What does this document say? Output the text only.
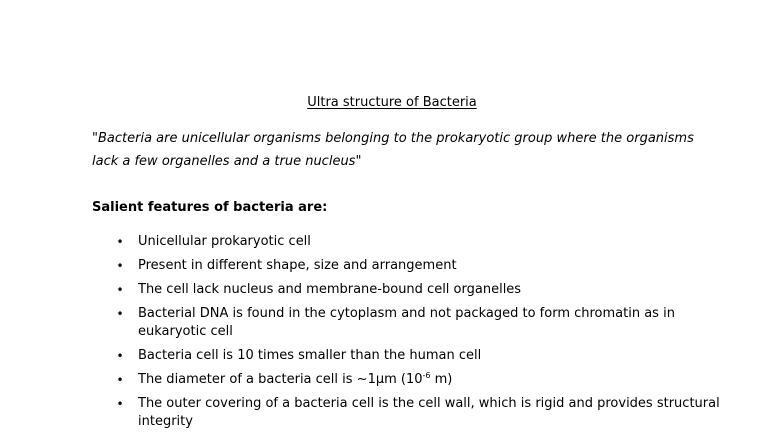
Ultra structure of Bacteria
"Bacteria are unicellular organisms belonging to the prokaryotic group where the organisms
lack a few organelles and a true nucleus"
Salient features of bacteria are:
• Unicellular prokaryotic cell
• Present in different shape, size and arrangement
• The cell lack nucleus and membrane-bound cell organelles
• Bacterial DNA is found in the cytoplasm and not packaged to form chromatin as in
eukaryotic cell
• Bacteria cell is 10 times smaller than the human cell
• The diameter of a bacteria cell is ~1µm ($10^{-6}$ m)
• The outer covering of a bacteria cell is the cell wall, which is rigid and provides structural
integrity
